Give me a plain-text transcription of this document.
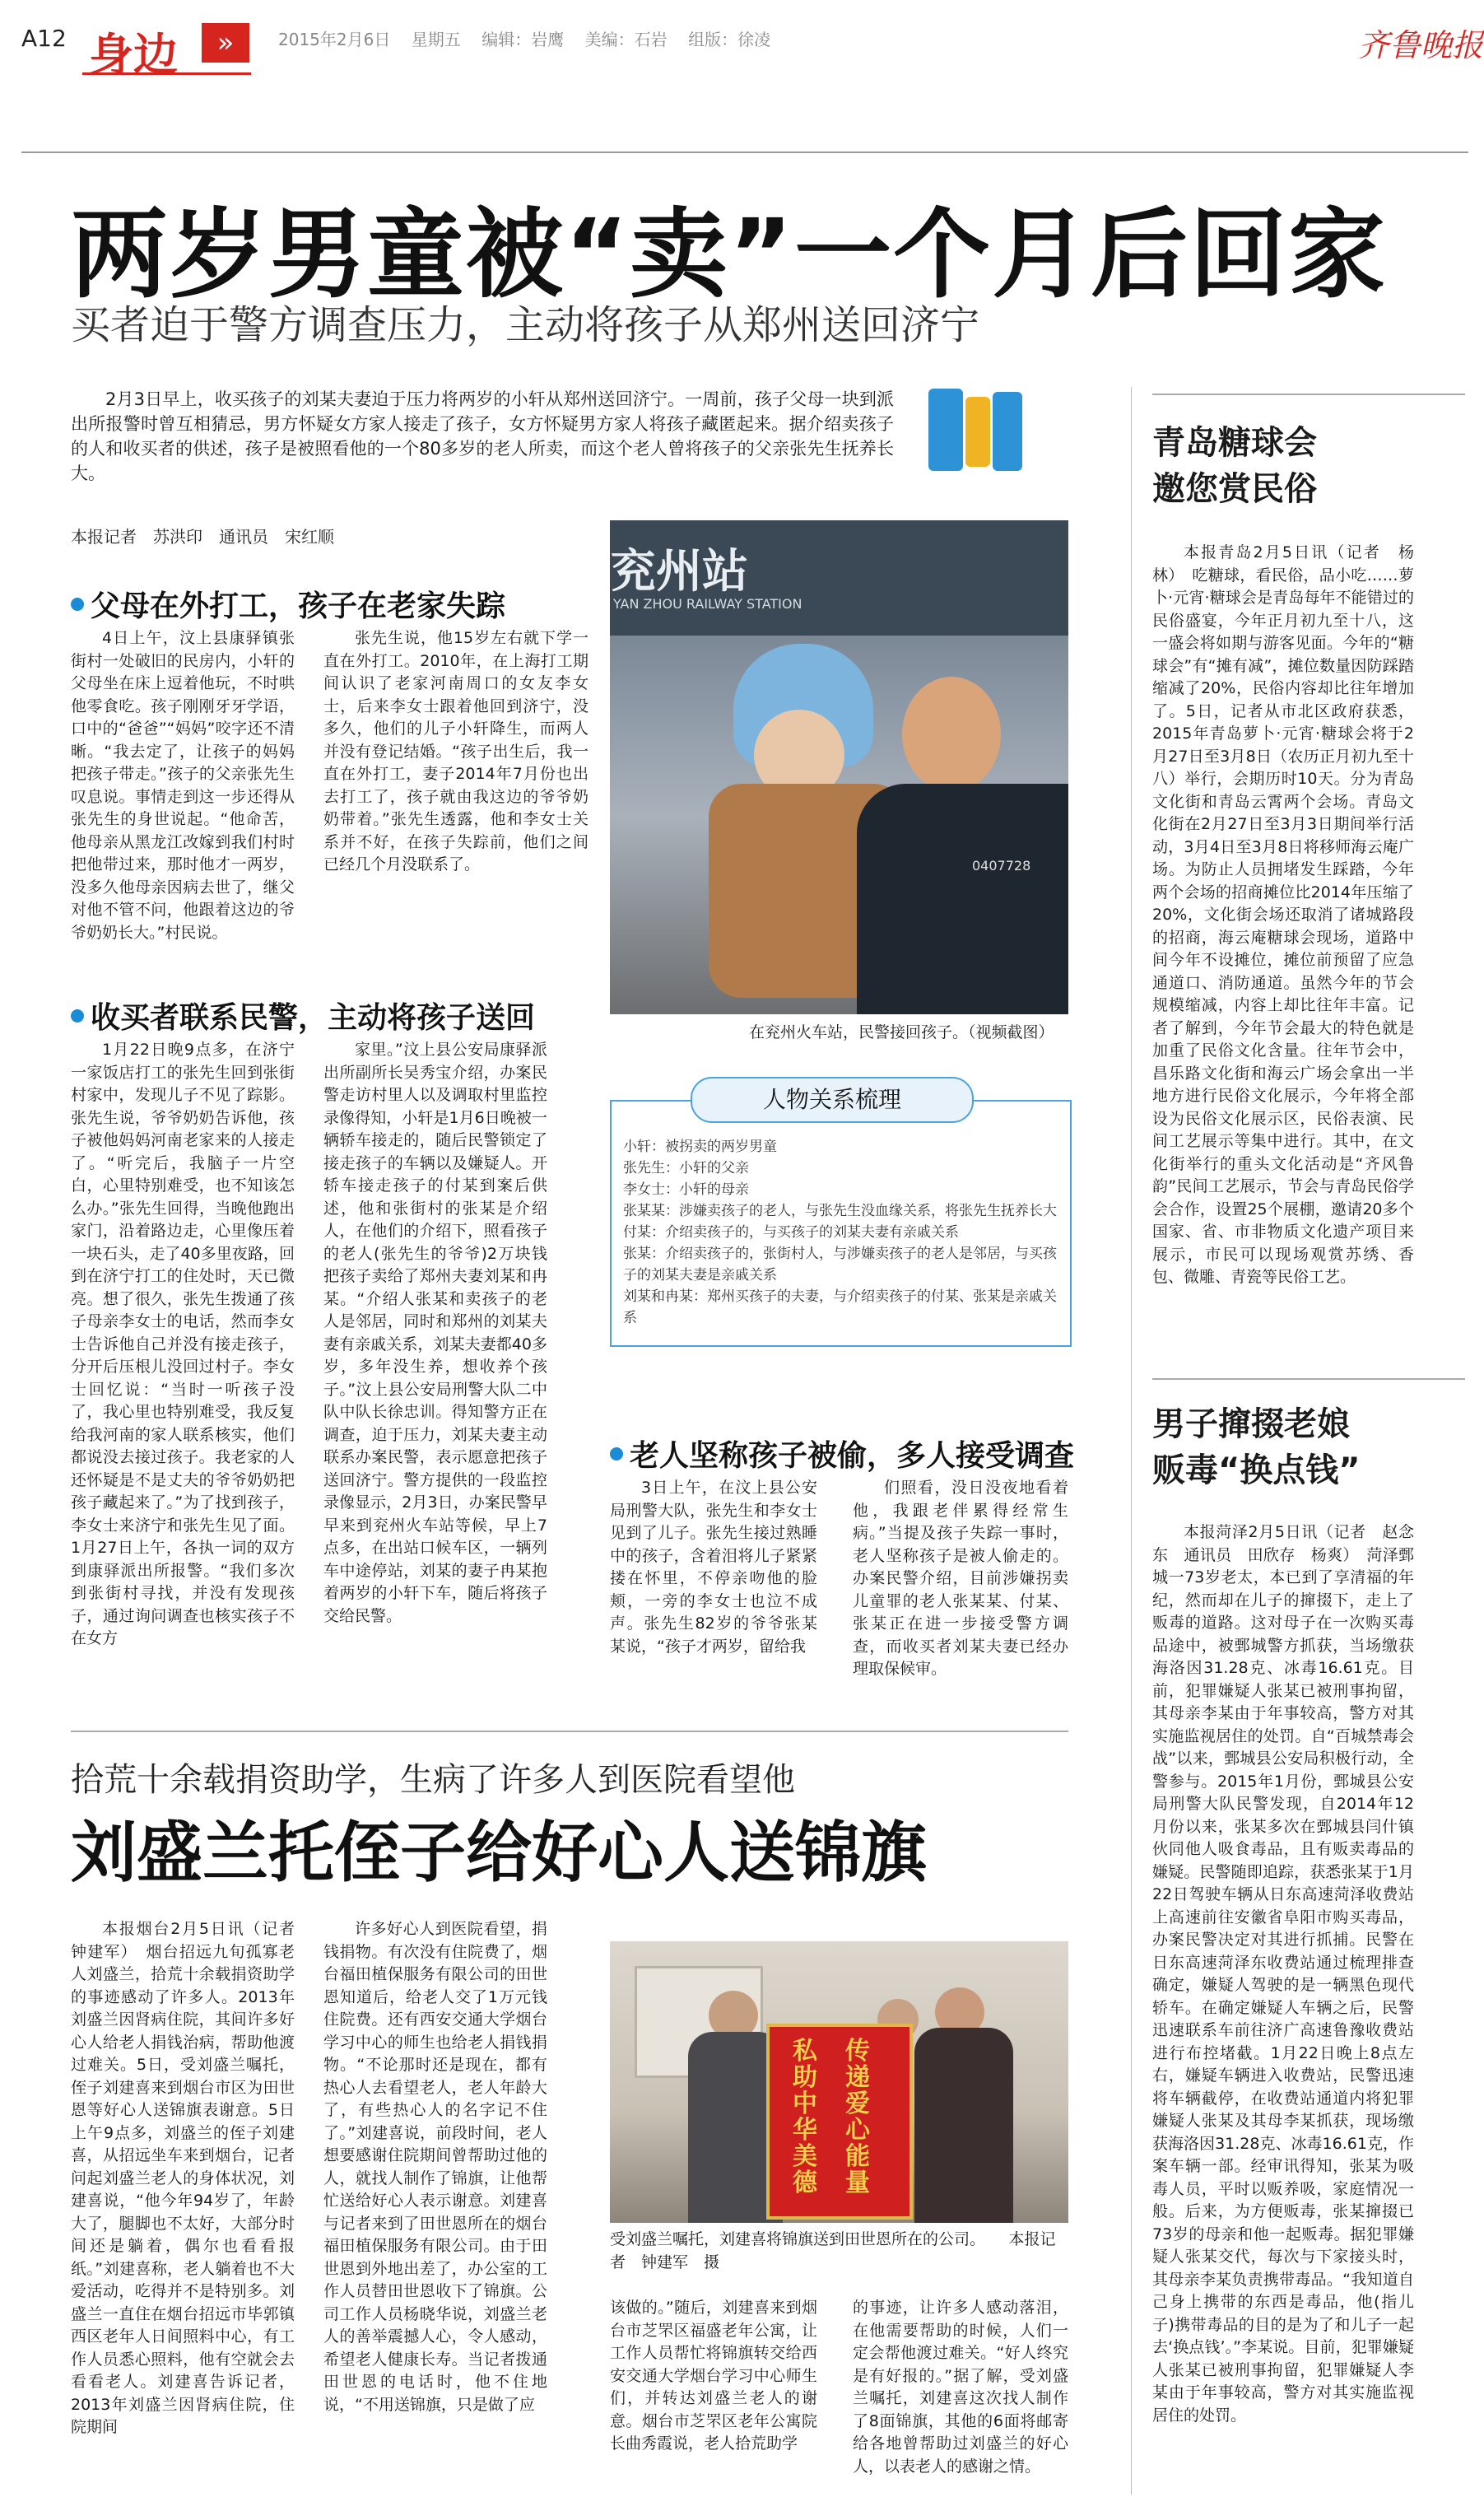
A12 身边	»	2015年2月6日 星期五 编辑：岩鹰 美编：石岩 组版：徐凌	齐鲁晚报
两岁男童被“卖”一个月后回家
买者迫于警方调查压力，主动将孩子从郑州送回济宁
2月3日早上，收买孩子的刘某夫妻迫于压力将两岁的小轩从郑州送回济宁。一周前，孩子父母一块到派出所报警时曾互相猜忌，男方怀疑女方家人接走了孩子，女方怀疑男方家人将孩子藏匿起来。据介绍卖孩子的人和收买者的供述，孩子是被照看他的一个80多岁的老人所卖，而这个老人曾将孩子的父亲张先生抚养长大。
本报记者　苏洪印　通讯员　宋红顺
父母在外打工，孩子在老家失踪
4日上午，汶上县康驿镇张街村一处破旧的民房内，小轩的父母坐在床上逗着他玩，不时哄他零食吃。孩子刚刚牙牙学语，口中的“爸爸”“妈妈”咬字还不清晰。“我去定了，让孩子的妈妈把孩子带走。”孩子的父亲张先生叹息说。事情走到这一步还得从张先生的身世说起。“他命苦，他母亲从黑龙江改嫁到我们村时把他带过来，那时他才一两岁，没多久他母亲因病去世了，继父对他不管不问，他跟着这边的爷爷奶奶长大。”村民说。
张先生说，他15岁左右就下学一直在外打工。2010年，在上海打工期间认识了老家河南周口的女友李女士，后来李女士跟着他回到济宁，没多久，他们的儿子小轩降生，而两人并没有登记结婚。“孩子出生后，我一直在外打工，妻子2014年7月份也出去打工了，孩子就由我这边的爷爷奶奶带着。”张先生透露，他和李女士关系并不好，在孩子失踪前，他们之间已经几个月没联系了。
兖州站
YAN ZHOU RAILWAY STATION
0407728
在兖州火车站，民警接回孩子。（视频截图）
收买者联系民警，主动将孩子送回
1月22日晚9点多，在济宁一家饭店打工的张先生回到张街村家中，发现儿子不见了踪影。张先生说，爷爷奶奶告诉他，孩子被他妈妈河南老家来的人接走了。“听完后，我脑子一片空白，心里特别难受，也不知该怎么办。”张先生回得，当晚他跑出家门，沿着路边走，心里像压着一块石头，走了40多里夜路，回到在济宁打工的住处时，天已微亮。想了很久，张先生拨通了孩子母亲李女士的电话，然而李女士告诉他自己并没有接走孩子，分开后压根儿没回过村子。李女士回忆说：“当时一听孩子没了，我心里也特别难受，我反复给我河南的家人联系核实，他们都说没去接过孩子。我老家的人还怀疑是不是丈夫的爷爷奶奶把孩子藏起来了。”为了找到孩子，李女士来济宁和张先生见了面。1月27日上午，各执一词的双方到康驿派出所报警。“我们多次到张街村寻找，并没有发现孩子，通过询问调查也核实孩子不在女方
家里。”汶上县公安局康驿派出所副所长吴秀宝介绍，办案民警走访村里人以及调取村里监控录像得知，小轩是1月6日晚被一辆轿车接走的，随后民警锁定了接走孩子的车辆以及嫌疑人。开轿车接走孩子的付某到案后供述，他和张街村的张某是介绍人，在他们的介绍下，照看孩子的老人(张先生的爷爷)2万块钱把孩子卖给了郑州夫妻刘某和冉某。“介绍人张某和卖孩子的老人是邻居，同时和郑州的刘某夫妻有亲戚关系，刘某夫妻都40多岁，多年没生养，想收养个孩子。”汶上县公安局刑警大队二中队中队长徐忠训。得知警方正在调查，迫于压力，刘某夫妻主动联系办案民警，表示愿意把孩子送回济宁。警方提供的一段监控录像显示，2月3日，办案民警早早来到兖州火车站等候，早上7点多，在出站口候车区，一辆列车中途停站，刘某的妻子冉某抱着两岁的小轩下车，随后将孩子交给民警。
人物关系梳理
小轩：被拐卖的两岁男童
张先生：小轩的父亲
李女士：小轩的母亲
张某某：涉嫌卖孩子的老人，与张先生没血缘关系，将张先生抚养长大
付某：介绍卖孩子的，与买孩子的刘某夫妻有亲戚关系
张某：介绍卖孩子的，张街村人，与涉嫌卖孩子的老人是邻居，与买孩子的刘某夫妻是亲戚关系
刘某和冉某：郑州买孩子的夫妻，与介绍卖孩子的付某、张某是亲戚关系
老人坚称孩子被偷，多人接受调查
3日上午，在汶上县公安局刑警大队，张先生和李女士见到了儿子。张先生接过熟睡中的孩子，含着泪将儿子紧紧搂在怀里，不停亲吻他的脸颊，一旁的李女士也泣不成声。张先生82岁的爷爷张某某说，“孩子才两岁，留给我
们照看，没日没夜地看着他，我跟老伴累得经常生病。”当提及孩子失踪一事时，老人坚称孩子是被人偷走的。办案民警介绍，目前涉嫌拐卖儿童罪的老人张某某、付某、张某正在进一步接受警方调查，而收买者刘某夫妻已经办理取保候审。
青岛糖球会
邀您赏民俗
本报青岛2月5日讯（记者　杨林）　吃糖球，看民俗，品小吃……萝卜·元宵·糖球会是青岛每年不能错过的民俗盛宴，今年正月初九至十八，这一盛会将如期与游客见面。今年的“糖球会”有“摊有减”，摊位数量因防踩踏缩减了20%，民俗内容却比往年增加了。5日，记者从市北区政府获悉，2015年青岛萝卜·元宵·糖球会将于2月27日至3月8日（农历正月初九至十八）举行，会期历时10天。分为青岛文化街和青岛云霄两个会场。青岛文化街在2月27日至3月3日期间举行活动，3月4日至3月8日将移师海云庵广场。为防止人员拥堵发生踩踏，今年两个会场的招商摊位比2014年压缩了20%，文化街会场还取消了诸城路段的招商，海云庵糖球会现场，道路中间今年不设摊位，摊位前预留了应急通道口、消防通道。虽然今年的节会规模缩减，内容上却比往年丰富。记者了解到，今年节会最大的特色就是加重了民俗文化含量。往年节会中，昌乐路文化街和海云广场会拿出一半地方进行民俗文化展示，今年将全部设为民俗文化展示区，民俗表演、民间工艺展示等集中进行。其中，在文化街举行的重头文化活动是“齐风鲁韵”民间工艺展示，节会与青岛民俗学会合作，设置25个展棚，邀请20多个国家、省、市非物质文化遗产项目来展示，市民可以现场观赏苏绣、香包、微雕、青瓷等民俗工艺。
男子撺掇老娘
贩毒“换点钱”
本报菏泽2月5日讯（记者　赵念东　通讯员　田欣存　杨爽）　菏泽鄄城一73岁老太，本已到了享清福的年纪，然而却在儿子的撺掇下，走上了贩毒的道路。这对母子在一次购买毒品途中，被鄄城警方抓获，当场缴获海洛因31.28克、冰毒16.61克。目前，犯罪嫌疑人张某已被刑事拘留，其母亲李某由于年事较高，警方对其实施监视居住的处罚。自“百城禁毒会战”以来，鄄城县公安局积极行动，全警参与。2015年1月份，鄄城县公安局刑警大队民警发现，自2014年12月份以来，张某多次在鄄城县闫什镇伙同他人吸食毒品，且有贩卖毒品的嫌疑。民警随即追踪，获悉张某于1月22日驾驶车辆从日东高速菏泽收费站上高速前往安徽省阜阳市购买毒品，办案民警决定对其进行抓捕。民警在日东高速菏泽东收费站通过梳理排查确定，嫌疑人驾驶的是一辆黑色现代轿车。在确定嫌疑人车辆之后，民警迅速联系车前往济广高速鲁豫收费站进行布控堵截。1月22日晚上8点左右，嫌疑车辆进入收费站，民警迅速将车辆截停，在收费站通道内将犯罪嫌疑人张某及其母李某抓获，现场缴获海洛因31.28克、冰毒16.61克，作案车辆一部。经审讯得知，张某为吸毒人员，平时以贩养吸，家庭情况一般。后来，为方便贩毒，张某撺掇已73岁的母亲和他一起贩毒。据犯罪嫌疑人张某交代，每次与下家接头时，其母亲李某负责携带毒品。“我知道自己身上携带的东西是毒品，他(指儿子)携带毒品的目的是为了和儿子一起去‘换点钱’。”李某说。目前，犯罪嫌疑人张某已被刑事拘留，犯罪嫌疑人李某由于年事较高，警方对其实施监视居住的处罚。
拾荒十余载捐资助学，生病了许多人到医院看望他
刘盛兰托侄子给好心人送锦旗
本报烟台2月5日讯（记者　钟建军）　烟台招远九旬孤寡老人刘盛兰，拾荒十余载捐资助学的事迹感动了许多人。2013年刘盛兰因肾病住院，其间许多好心人给老人捐钱治病，帮助他渡过难关。5日，受刘盛兰嘱托，侄子刘建喜来到烟台市区为田世恩等好心人送锦旗表谢意。5日上午9点多，刘盛兰的侄子刘建喜，从招远坐车来到烟台，记者问起刘盛兰老人的身体状况，刘建喜说，“他今年94岁了，年龄大了，腿脚也不太好，大部分时间还是躺着，偶尔也看看报纸。”刘建喜称，老人躺着也不大爱活动，吃得并不是特别多。刘盛兰一直住在烟台招远市毕郭镇西区老年人日间照料中心，有工作人员悉心照料，他有空就会去看看老人。刘建喜告诉记者，2013年刘盛兰因肾病住院，住院期间
许多好心人到医院看望，捐钱捐物。有次没有住院费了，烟台福田植保服务有限公司的田世恩知道后，给老人交了1万元钱住院费。还有西安交通大学烟台学习中心的师生也给老人捐钱捐物。“不论那时还是现在，都有热心人去看望老人，老人年龄大了，有些热心人的名字记不住了。”刘建喜说，前段时间，老人想要感谢住院期间曾帮助过他的人，就找人制作了锦旗，让他帮忙送给好心人表示谢意。刘建喜与记者来到了田世恩所在的烟台福田植保服务有限公司。由于田世恩到外地出差了，办公室的工作人员替田世恩收下了锦旗。公司工作人员杨晓华说，刘盛兰老人的善举震撼人心，令人感动，希望老人健康长寿。当记者拨通田世恩的电话时，他不住地说，“不用送锦旗，只是做了应
私助中华美德
传递爱心能量
受刘盛兰嘱托，刘建喜将锦旗送到田世恩所在的公司。　　本报记者　钟建军　摄
该做的。”随后，刘建喜来到烟台市芝罘区福盛老年公寓，让工作人员帮忙将锦旗转交给西安交通大学烟台学习中心师生们，并转达刘盛兰老人的谢意。烟台市芝罘区老年公寓院长曲秀霞说，老人拾荒助学
的事迹，让许多人感动落泪，在他需要帮助的时候，人们一定会帮他渡过难关。“好人终究是有好报的。”据了解，受刘盛兰嘱托，刘建喜这次找人制作了8面锦旗，其他的6面将邮寄给各地曾帮助过刘盛兰的好心人，以表老人的感谢之情。
